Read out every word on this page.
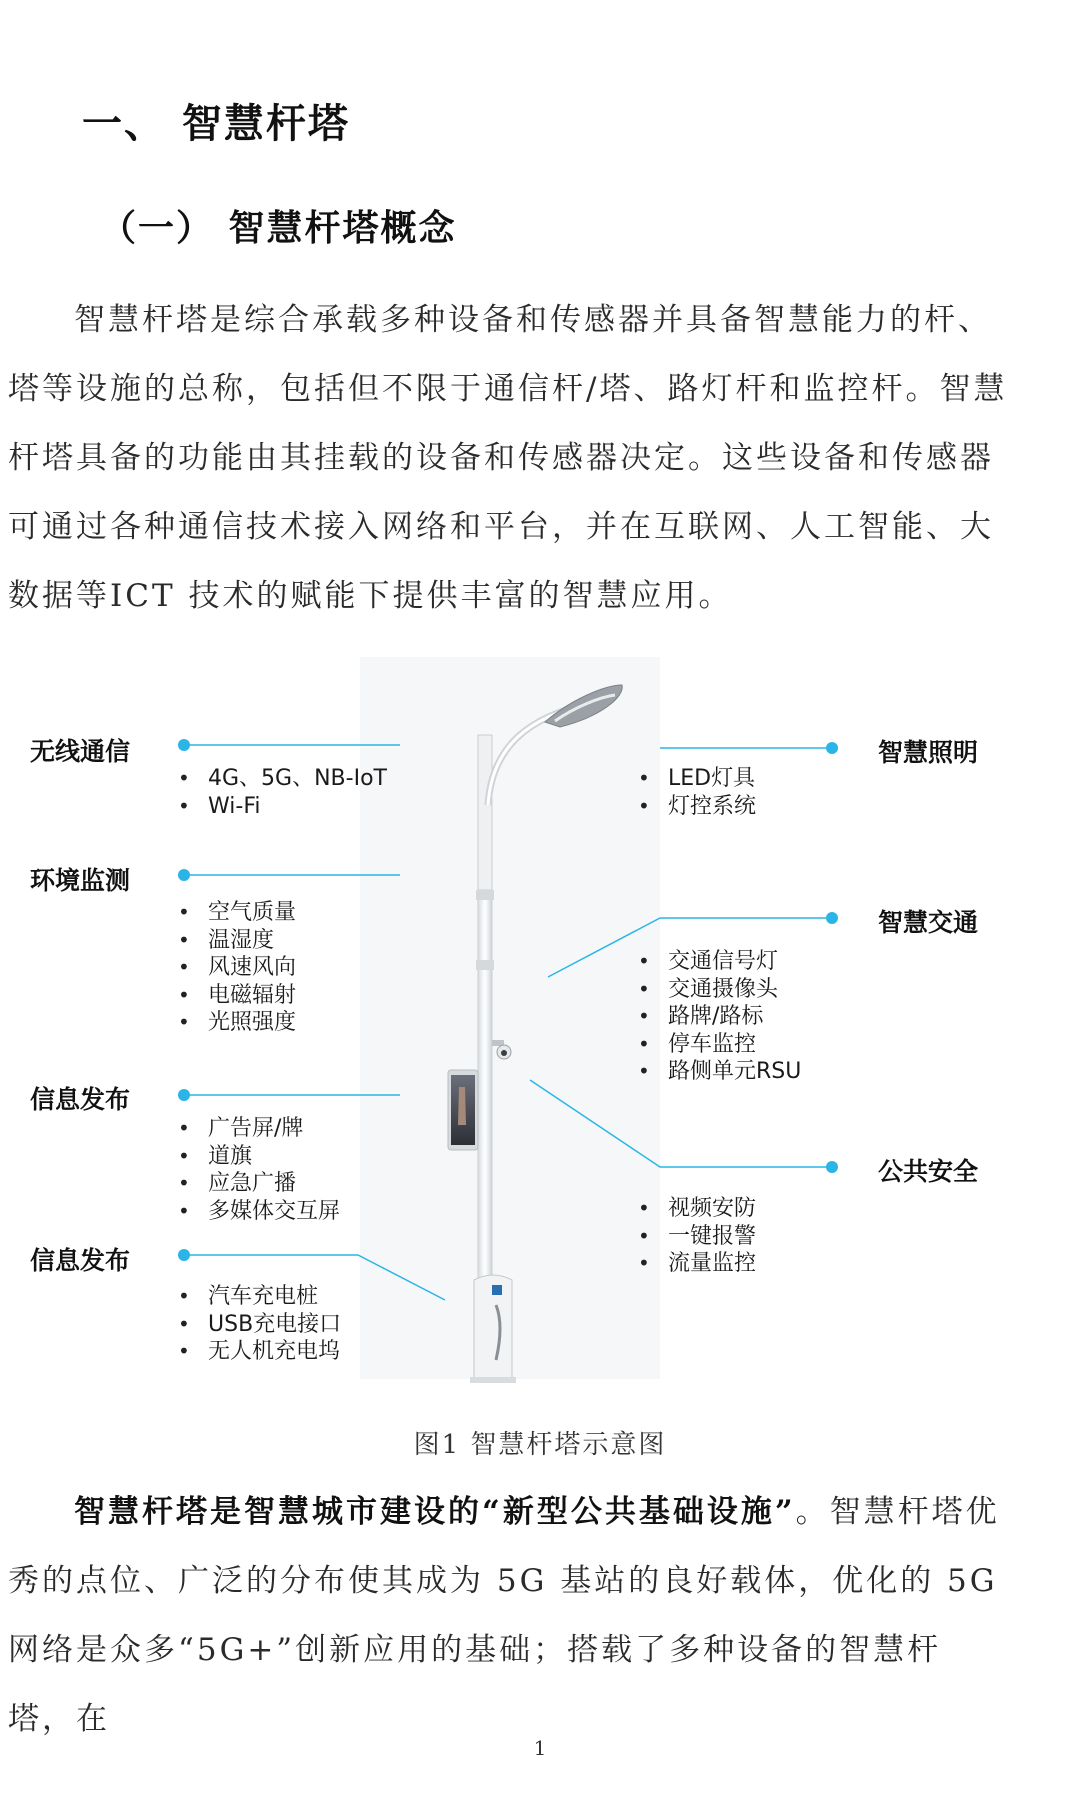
一、 智慧杆塔
（一） 智慧杆塔概念
智慧杆塔是综合承载多种设备和传感器并具备智慧能力的杆、塔等设施的总称，包括但不限于通信杆/塔、路灯杆和监控杆。智慧杆塔具备的功能由其挂载的设备和传感器决定。这些设备和传感器可通过各种通信技术接入网络和平台，并在互联网、人工智能、大数据等ICT 技术的赋能下提供丰富的智慧应用。
无线通信
• 4G、5G、NB-IoT
• Wi-Fi
环境监测
• 空气质量
• 温湿度
• 风速风向
• 电磁辐射
• 光照强度
信息发布
• 广告屏/牌
• 道旗
• 应急广播
• 多媒体交互屏
信息发布
• 汽车充电桩
• USB充电接口
• 无人机充电坞
智慧照明
• LED灯具
• 灯控系统
智慧交通
• 交通信号灯
• 交通摄像头
• 路牌/路标
• 停车监控
• 路侧单元RSU
公共安全
• 视频安防
• 一键报警
• 流量监控
图1 智慧杆塔示意图
智慧杆塔是智慧城市建设的“新型公共基础设施”。智慧杆塔优秀的点位、广泛的分布使其成为 5G 基站的良好载体，优化的 5G 网络是众多“5G+”创新应用的基础；搭载了多种设备的智慧杆塔，在
1
